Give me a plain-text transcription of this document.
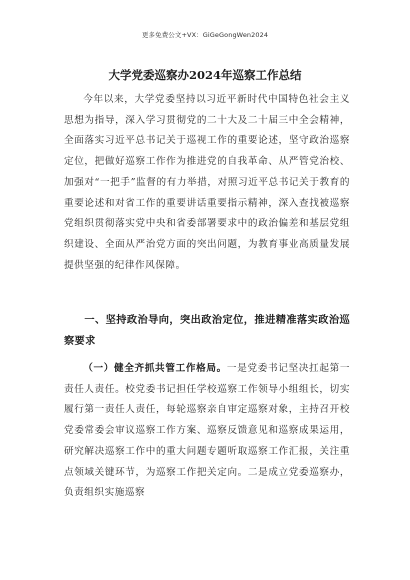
更多免费公文+VX：GiGeGongWen2024
大学党委巡察办2024年巡察工作总结

今年以来，大学党委坚持以习近平新时代中国特色社会主义思想为指导，深入学习贯彻党的二十大及二十届三中全会精神，全面落实习近平总书记关于巡视工作的重要论述，坚守政治巡察定位，把做好巡察工作作为推进党的自我革命、从严管党治校、加强对“一把手”监督的有力举措，对照习近平总书记关于教育的重要论述和对省工作的重要讲话重要指示精神，深入查找被巡察党组织贯彻落实党中央和省委部署要求中的政治偏差和基层党组织建设、全面从严治党方面的突出问题，为教育事业高质量发展提供坚强的纪律作风保障。

一、坚持政治导向，突出政治定位，推进精准落实政治巡察要求

（一）健全齐抓共管工作格局。一是党委书记坚决扛起第一责任人责任。校党委书记担任学校巡察工作领导小组组长，切实履行第一责任人责任，每轮巡察亲自审定巡察对象，主持召开校党委常委会审议巡察工作方案、巡察反馈意见和巡察成果运用，研究解决巡察工作中的重大问题专题听取巡察工作汇报，关注重点领域关键环节，为巡察工作把关定向。二是成立党委巡察办，负责组织实施巡察
